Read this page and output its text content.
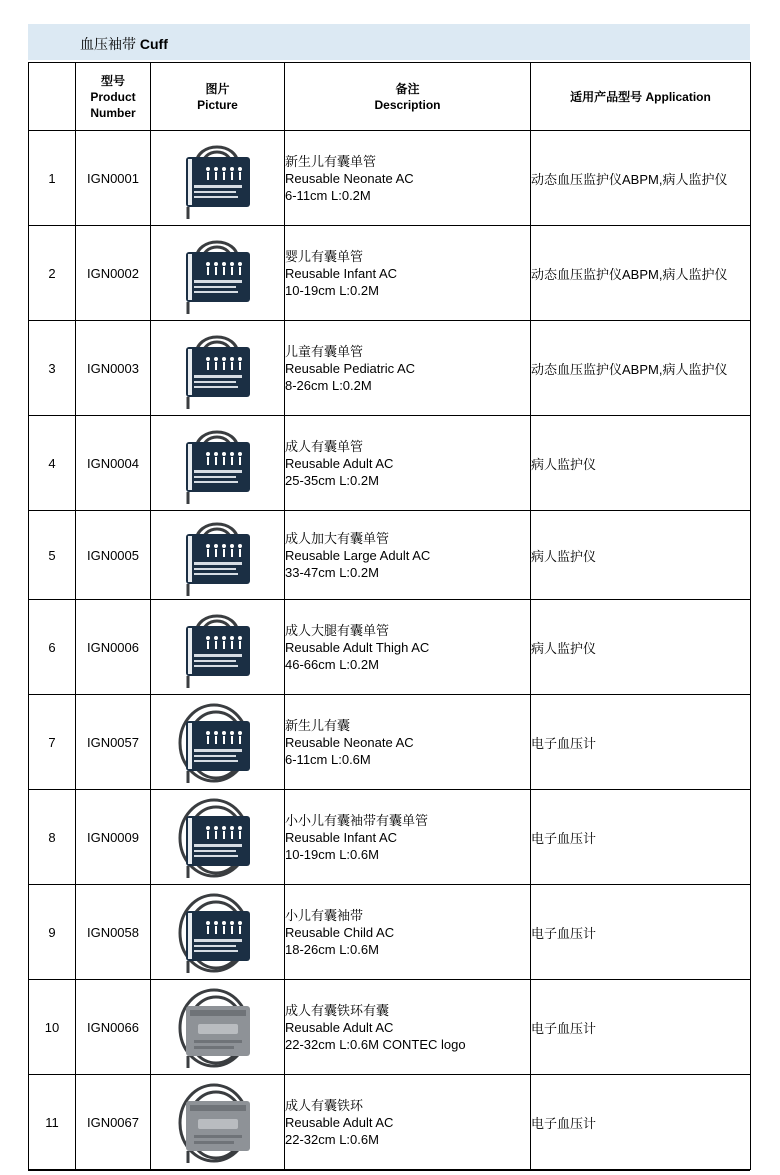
血压袖带 Cuff

	型号
Product
Number	图片
Picture	备注
Description	适用产品型号 Application
1	IGN0001		新生儿有囊单管
Reusable Neonate AC
6-11cm L:0.2M	动态血压监护仪ABPM,病人监护仪
2	IGN0002		婴儿有囊单管
Reusable Infant AC
10-19cm L:0.2M	动态血压监护仪ABPM,病人监护仪
3	IGN0003		儿童有囊单管
Reusable Pediatric AC
8-26cm L:0.2M	动态血压监护仪ABPM,病人监护仪
4	IGN0004		成人有囊单管
Reusable Adult AC
25-35cm L:0.2M	病人监护仪
5	IGN0005		成人加大有囊单管
Reusable Large Adult AC
33-47cm L:0.2M	病人监护仪
6	IGN0006		成人大腿有囊单管
Reusable Adult Thigh AC
46-66cm L:0.2M	病人监护仪
7	IGN0057		新生儿有囊
Reusable Neonate AC
6-11cm L:0.6M	电子血压计
8	IGN0009		小小儿有囊袖带有囊单管
Reusable Infant AC
10-19cm L:0.6M	电子血压计
9	IGN0058		小儿有囊袖带
Reusable Child AC
18-26cm L:0.6M	电子血压计
10	IGN0066		成人有囊铁环有囊
Reusable Adult AC
22-32cm L:0.6M CONTEC logo	电子血压计
11	IGN0067		成人有囊铁环
Reusable Adult AC
22-32cm L:0.6M	电子血压计
